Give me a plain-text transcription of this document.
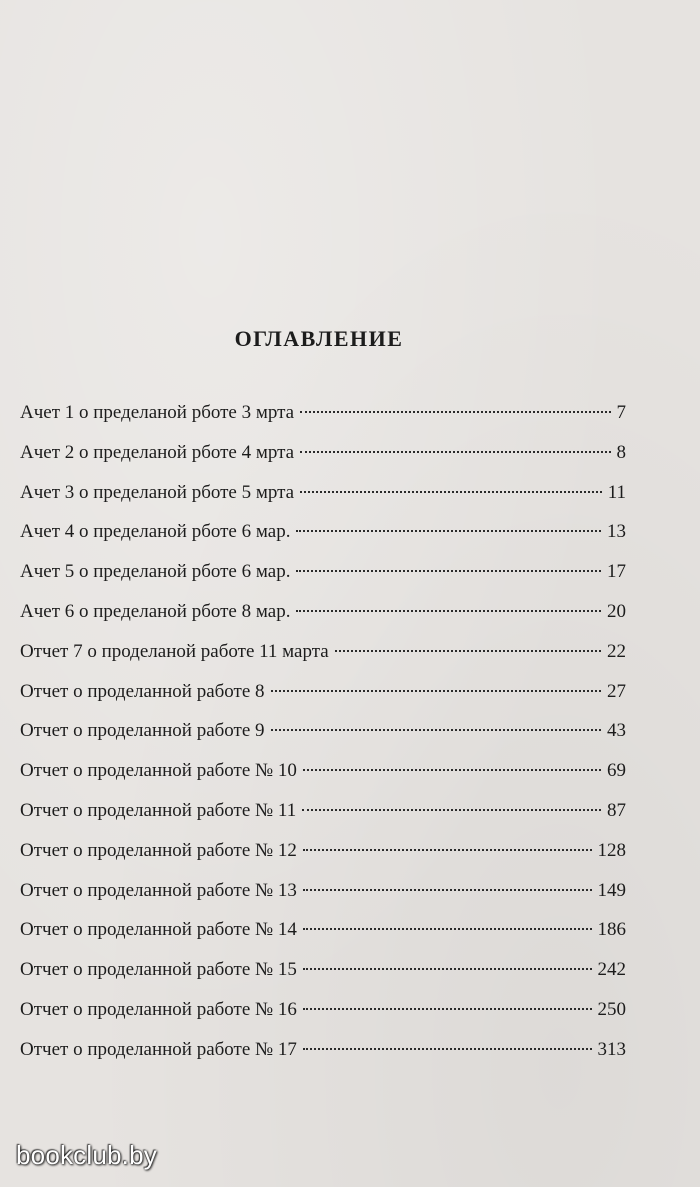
ОГЛАВЛЕНИЕ
Ачет 1 о пределаной рботе 3 мрта	7
Ачет 2 о пределаной рботе 4 мрта	8
Ачет 3 о пределаной рботе 5 мрта	11
Ачет 4 о пределаной рботе 6 мар.	13
Ачет 5 о пределаной рботе 6 мар.	17
Ачет 6 о пределаной рботе 8 мар.	20
Отчет 7 о проделаной работе 11 марта	22
Отчет о проделанной работе 8	27
Отчет о проделанной работе 9	43
Отчет о проделанной работе № 10	69
Отчет о проделанной работе № 11	87
Отчет о проделанной работе № 12	128
Отчет о проделанной работе № 13	149
Отчет о проделанной работе № 14	186
Отчет о проделанной работе № 15	242
Отчет о проделанной работе № 16	250
Отчет о проделанной работе № 17	313
bookclub.by
